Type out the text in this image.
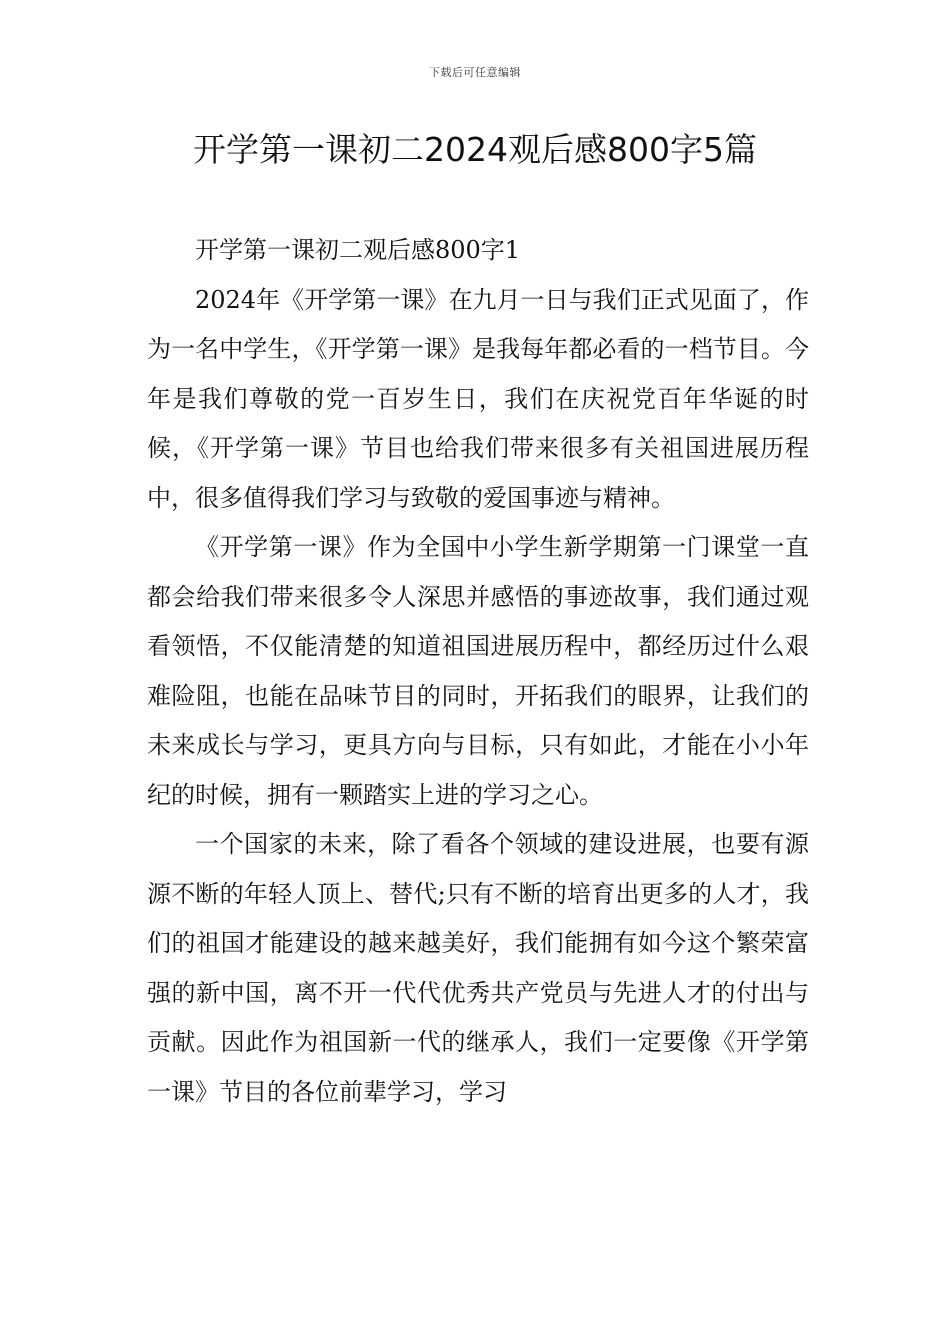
下载后可任意编辑
开学第一课初二2024观后感800字5篇

开学第一课初二观后感800字1

2024年《开学第一课》在九月一日与我们正式见面了，作为一名中学生，《开学第一课》是我每年都必看的一档节目。今年是我们尊敬的党一百岁生日，我们在庆祝党百年华诞的时候，《开学第一课》节目也给我们带来很多有关祖国进展历程中，很多值得我们学习与致敬的爱国事迹与精神。

《开学第一课》作为全国中小学生新学期第一门课堂一直都会给我们带来很多令人深思并感悟的事迹故事，我们通过观看领悟，不仅能清楚的知道祖国进展历程中，都经历过什么艰难险阻，也能在品味节目的同时，开拓我们的眼界，让我们的未来成长与学习，更具方向与目标，只有如此，才能在小小年纪的时候，拥有一颗踏实上进的学习之心。

一个国家的未来，除了看各个领域的建设进展，也要有源源不断的年轻人顶上、替代;只有不断的培育出更多的人才，我们的祖国才能建设的越来越美好，我们能拥有如今这个繁荣富强的新中国，离不开一代代优秀共产党员与先进人才的付出与贡献。因此作为祖国新一代的继承人，我们一定要像《开学第一课》节目的各位前辈学习，学习
